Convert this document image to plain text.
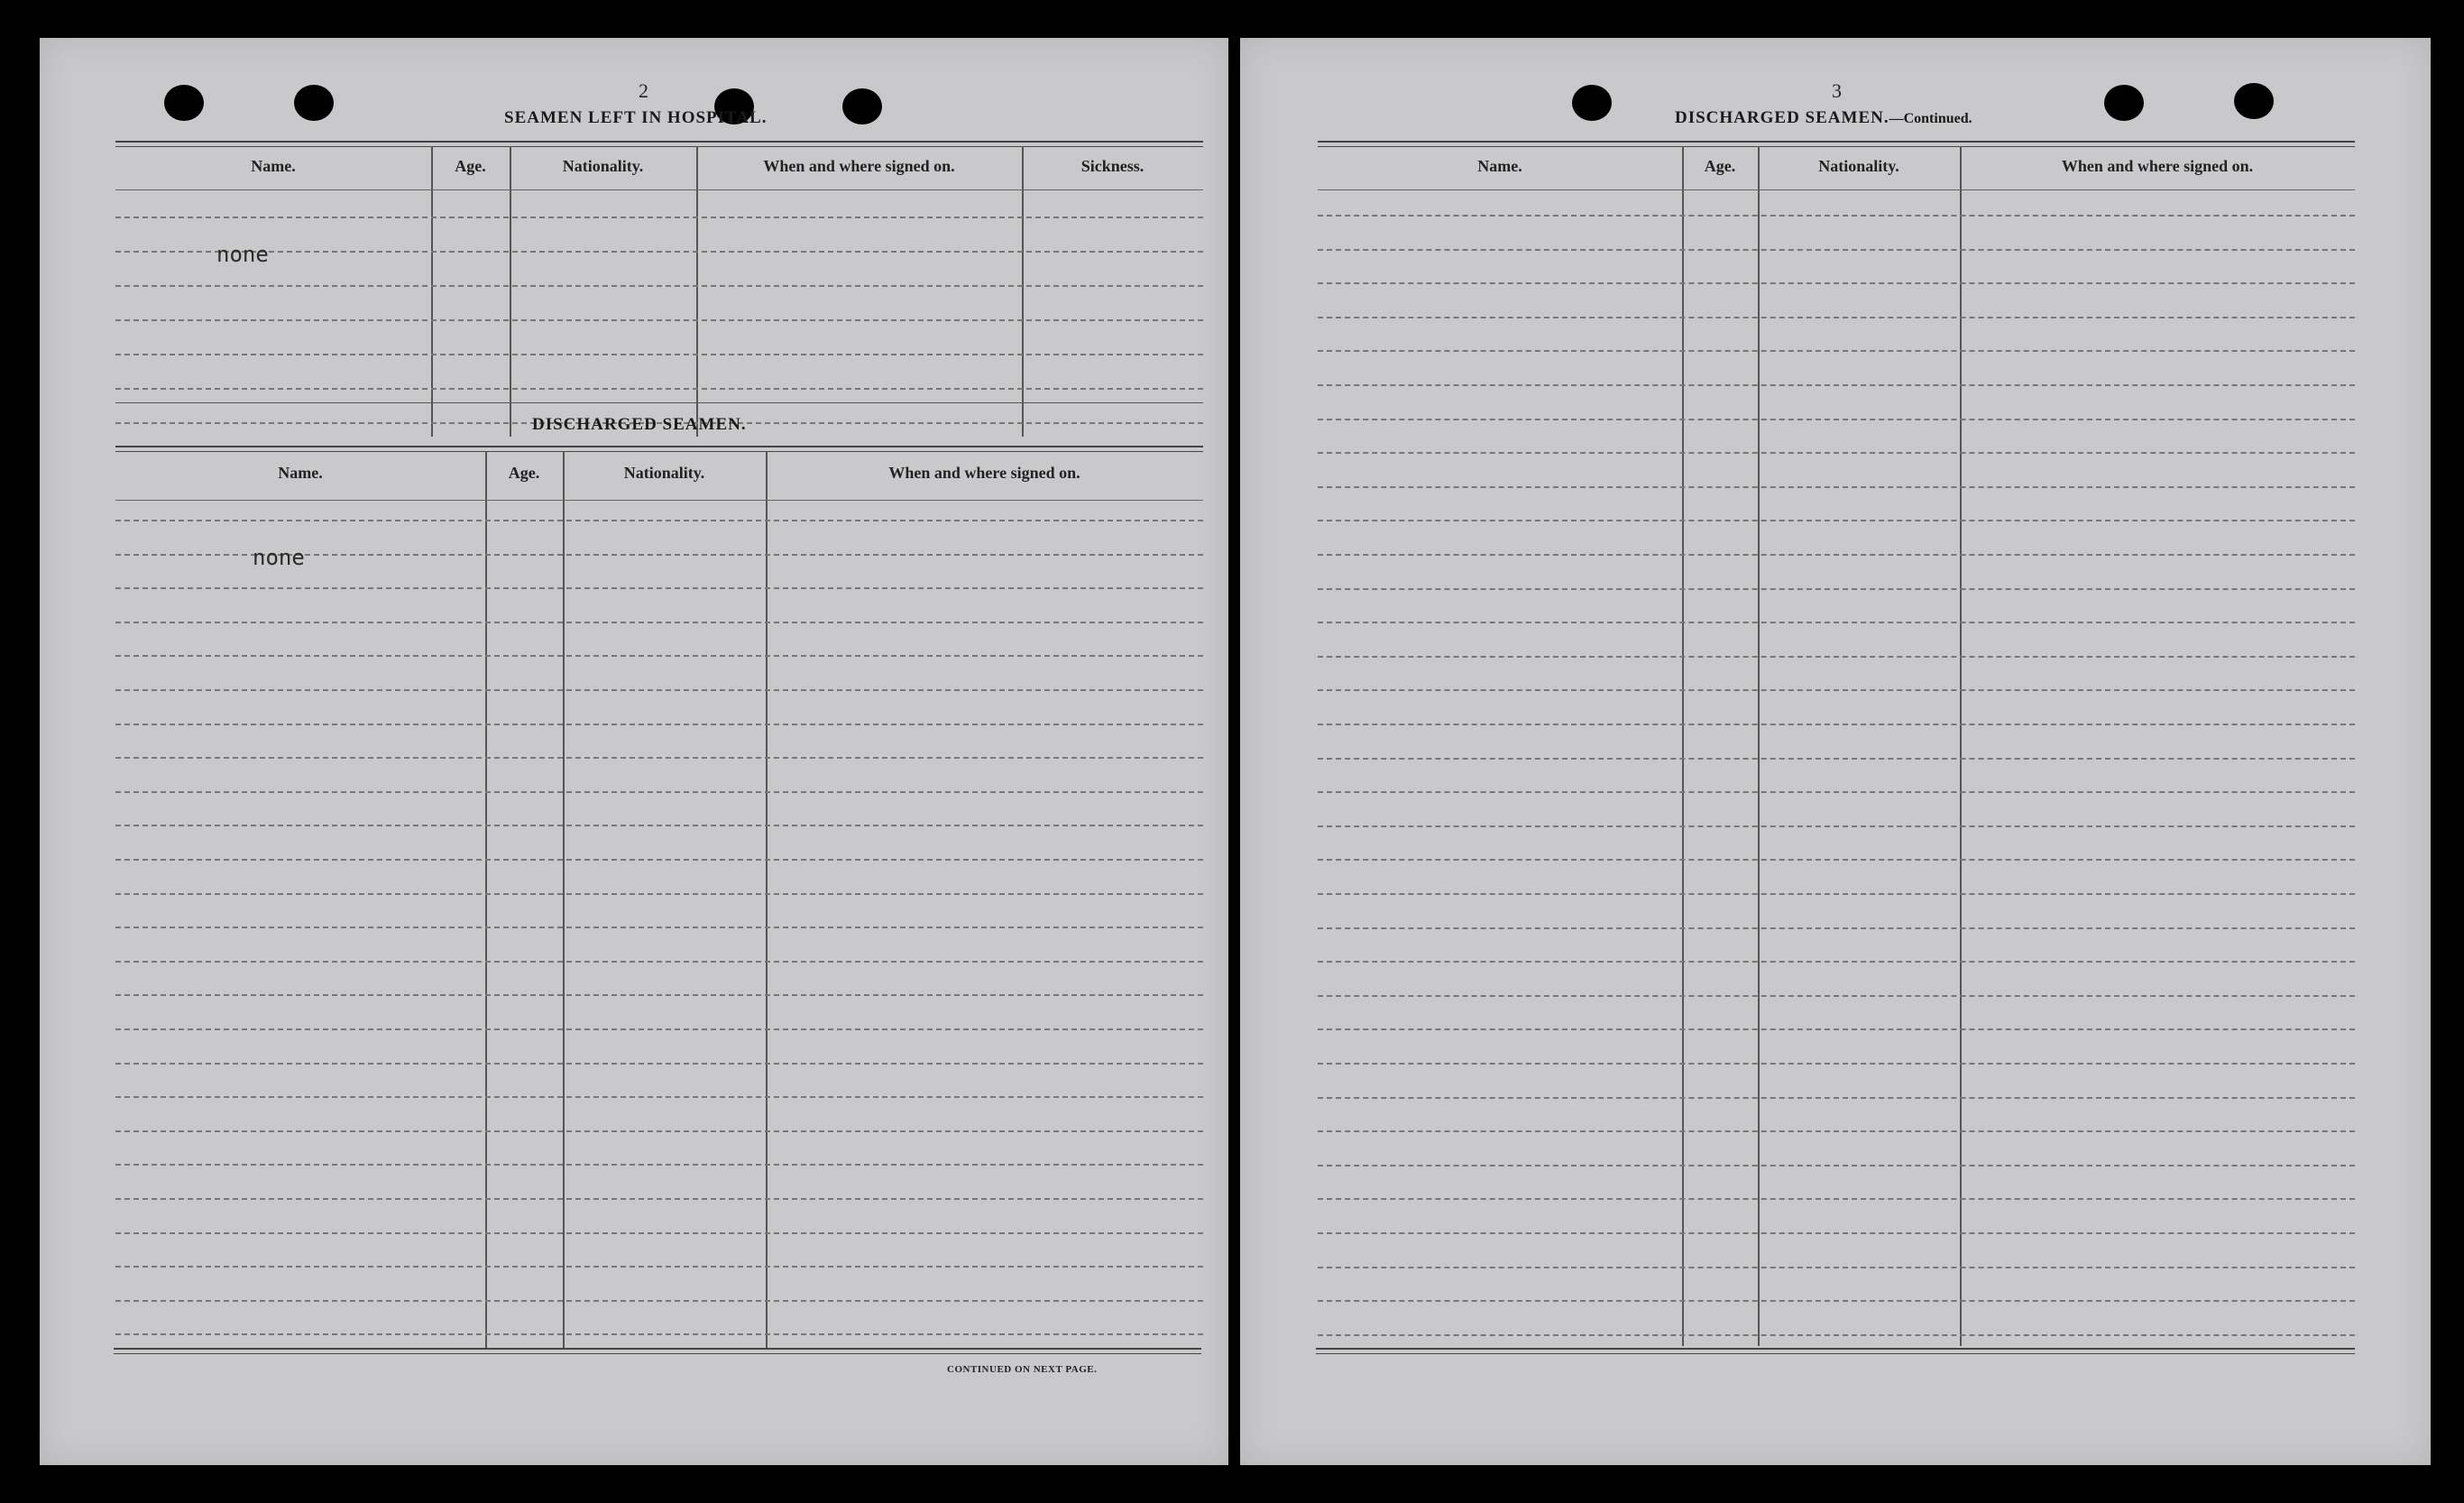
2
SEAMEN LEFT IN HOSPITAL.
Name.	Age.	Nationality.	When and where signed on.	Sickness.
none
DISCHARGED SEAMEN.
Name.	Age.	Nationality.	When and where signed on.
none
CONTINUED ON NEXT PAGE.
3
DISCHARGED SEAMEN.—Continued.
Name.	Age.	Nationality.	When and where signed on.
